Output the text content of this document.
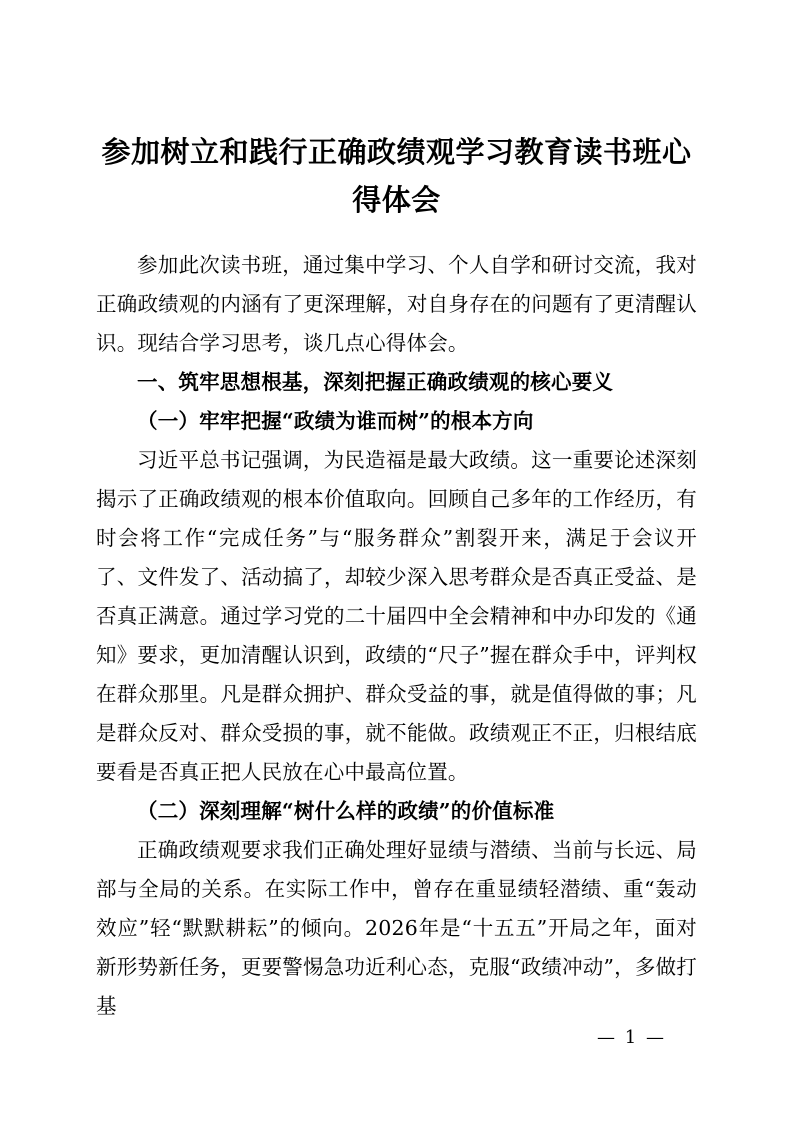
参加树立和践行正确政绩观学习教育读书班心得体会

参加此次读书班，通过集中学习、个人自学和研讨交流，我对正确政绩观的内涵有了更深理解，对自身存在的问题有了更清醒认识。现结合学习思考，谈几点心得体会。

一、筑牢思想根基，深刻把握正确政绩观的核心要义

（一）牢牢把握“政绩为谁而树”的根本方向

习近平总书记强调，为民造福是最大政绩。这一重要论述深刻揭示了正确政绩观的根本价值取向。回顾自己多年的工作经历，有时会将工作“完成任务”与“服务群众”割裂开来，满足于会议开了、文件发了、活动搞了，却较少深入思考群众是否真正受益、是否真正满意。通过学习党的二十届四中全会精神和中办印发的《通知》要求，更加清醒认识到，政绩的“尺子”握在群众手中，评判权在群众那里。凡是群众拥护、群众受益的事，就是值得做的事；凡是群众反对、群众受损的事，就不能做。政绩观正不正，归根结底要看是否真正把人民放在心中最高位置。

（二）深刻理解“树什么样的政绩”的价值标准

正确政绩观要求我们正确处理好显绩与潜绩、当前与长远、局部与全局的关系。在实际工作中，曾存在重显绩轻潜绩、重“轰动效应”轻“默默耕耘”的倾向。2026年是“十五五”开局之年，面对新形势新任务，更要警惕急功近利心态，克服“政绩冲动”，多做打基

— 1 —
